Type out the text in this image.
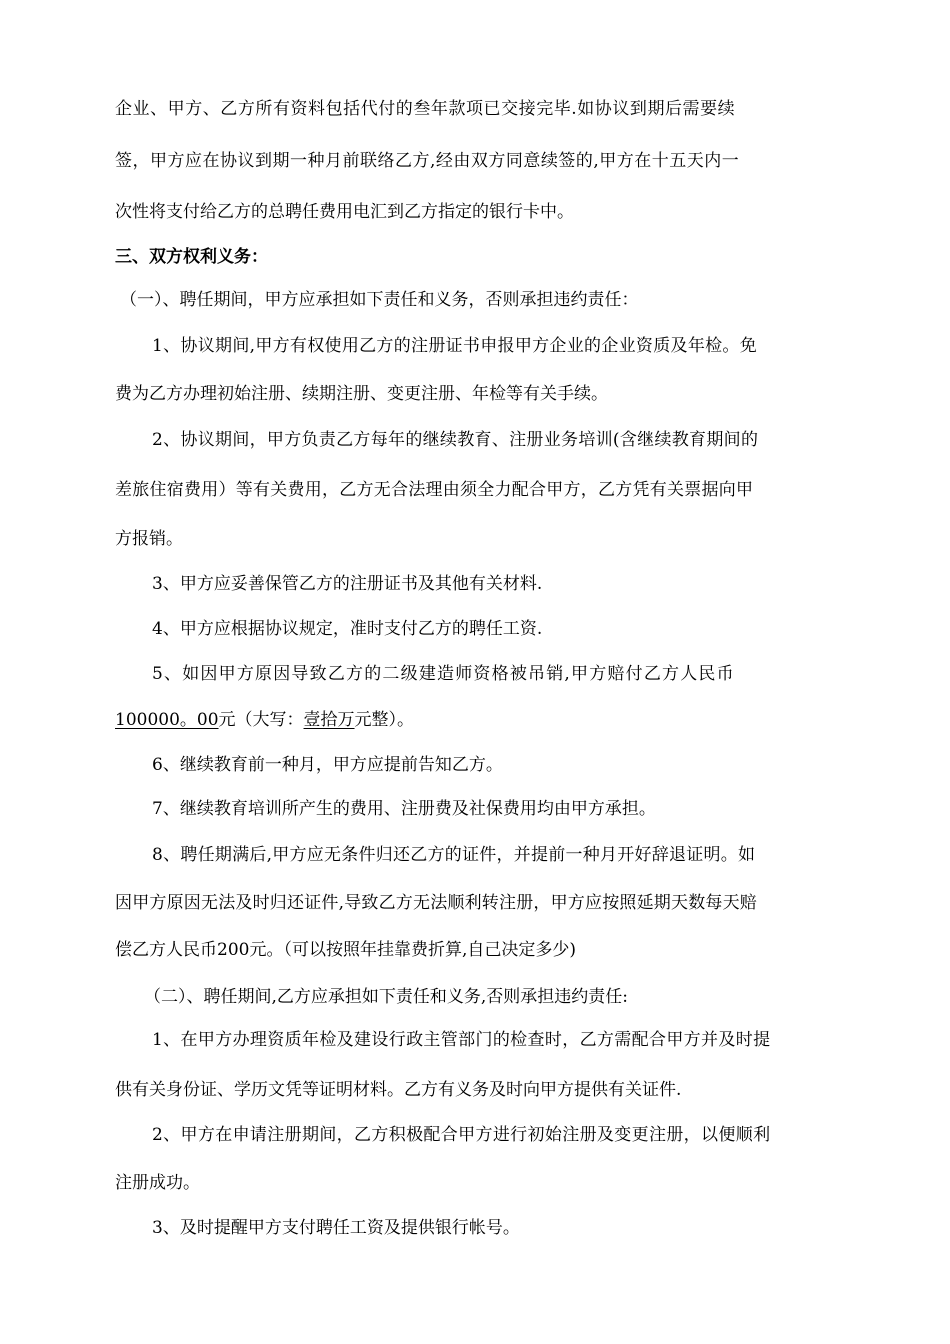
企业、甲方、乙方所有资料包括代付的叁年款项已交接完毕.如协议到期后需要续
签，甲方应在协议到期一种月前联络乙方,经由双方同意续签的,甲方在十五天内一
次性将支付给乙方的总聘任费用电汇到乙方指定的银行卡中。
三、双方权利义务：
（一）、聘任期间，甲方应承担如下责任和义务，否则承担违约责任：
1、协议期间,甲方有权使用乙方的注册证书申报甲方企业的企业资质及年检。免
费为乙方办理初始注册、续期注册、变更注册、年检等有关手续。
2、协议期间，甲方负责乙方每年的继续教育、注册业务培训(含继续教育期间的
差旅住宿费用）等有关费用，乙方无合法理由须全力配合甲方，乙方凭有关票据向甲
方报销。
3、甲方应妥善保管乙方的注册证书及其他有关材料.
4、甲方应根据协议规定，准时支付乙方的聘任工资.
5、如因甲方原因导致乙方的二级建造师资格被吊销,甲方赔付乙方人民币
100000。00元（大写：壹拾万元整）。
6、继续教育前一种月，甲方应提前告知乙方。
7、继续教育培训所产生的费用、注册费及社保费用均由甲方承担。
8、聘任期满后,甲方应无条件归还乙方的证件，并提前一种月开好辞退证明。如
因甲方原因无法及时归还证件,导致乙方无法顺利转注册，甲方应按照延期天数每天赔
偿乙方人民币200元。（可以按照年挂靠费折算,自己决定多少)
（二）、聘任期间,乙方应承担如下责任和义务,否则承担违约责任:
1、在甲方办理资质年检及建设行政主管部门的检查时，乙方需配合甲方并及时提
供有关身份证、学历文凭等证明材料。乙方有义务及时向甲方提供有关证件.
2、甲方在申请注册期间，乙方积极配合甲方进行初始注册及变更注册，以便顺利
注册成功。
3、及时提醒甲方支付聘任工资及提供银行帐号。
